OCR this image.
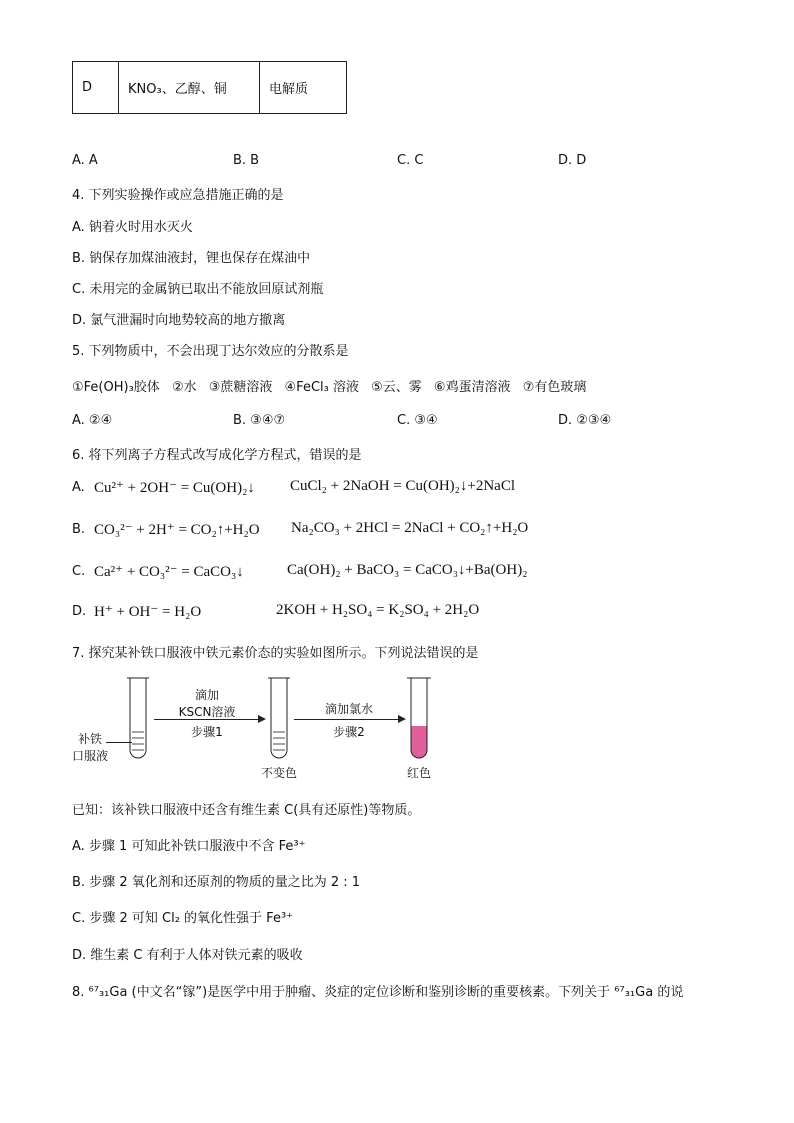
D	KNO₃、乙醇、铜	电解质
A. A	B. B	C. C	D. D
4. 下列实验操作或应急措施正确的是
A. 钠着火时用水灭火
B. 钠保存加煤油液封，锂也保存在煤油中
C. 未用完的金属钠已取出不能放回原试剂瓶
D. 氯气泄漏时向地势较高的地方撤离
5. 下列物质中，不会出现丁达尔效应的分散系是
①Fe(OH)₃胶体 ②水 ③蔗糖溶液 ④FeCl₃ 溶液 ⑤云、雾 ⑥鸡蛋清溶液 ⑦有色玻璃
A. ②④	B. ③④⑦	C. ③④	D. ②③④
6. 将下列离子方程式改写成化学方程式，错误的是
A. Cu²⁺ + 2OH⁻ = Cu(OH)₂↓ CuCl₂ + 2NaOH = Cu(OH)₂↓+2NaCl
B. CO₃²⁻ + 2H⁺ = CO₂↑+H₂O Na₂CO₃ + 2HCl = 2NaCl + CO₂↑+H₂O
C. Ca²⁺ + CO₃²⁻ = CaCO₃↓	Ca(OH)₂ + BaCO₃ = CaCO₃↓+Ba(OH)₂
D. H⁺ + OH⁻ = H₂O	2KOH + H₂SO₄ = K₂SO₄ + 2H₂O
7. 探究某补铁口服液中铁元素价态的实验如图所示。下列说法错误的是
补铁
口服液
滴加
KSCN溶液
步骤1
不变色
滴加氯水
步骤2
红色
已知：该补铁口服液中还含有维生素 C(具有还原性)等物质。
A. 步骤 1 可知此补铁口服液中不含 Fe³⁺
B. 步骤 2 氧化剂和还原剂的物质的量之比为 2 : 1
C. 步骤 2 可知 Cl₂ 的氧化性强于 Fe³⁺
D. 维生素 C 有利于人体对铁元素的吸收
8. ⁶⁷₃₁Ga (中文名“镓”)是医学中用于肿瘤、炎症的定位诊断和鉴别诊断的重要核素。下列关于 ⁶⁷₃₁Ga 的说
